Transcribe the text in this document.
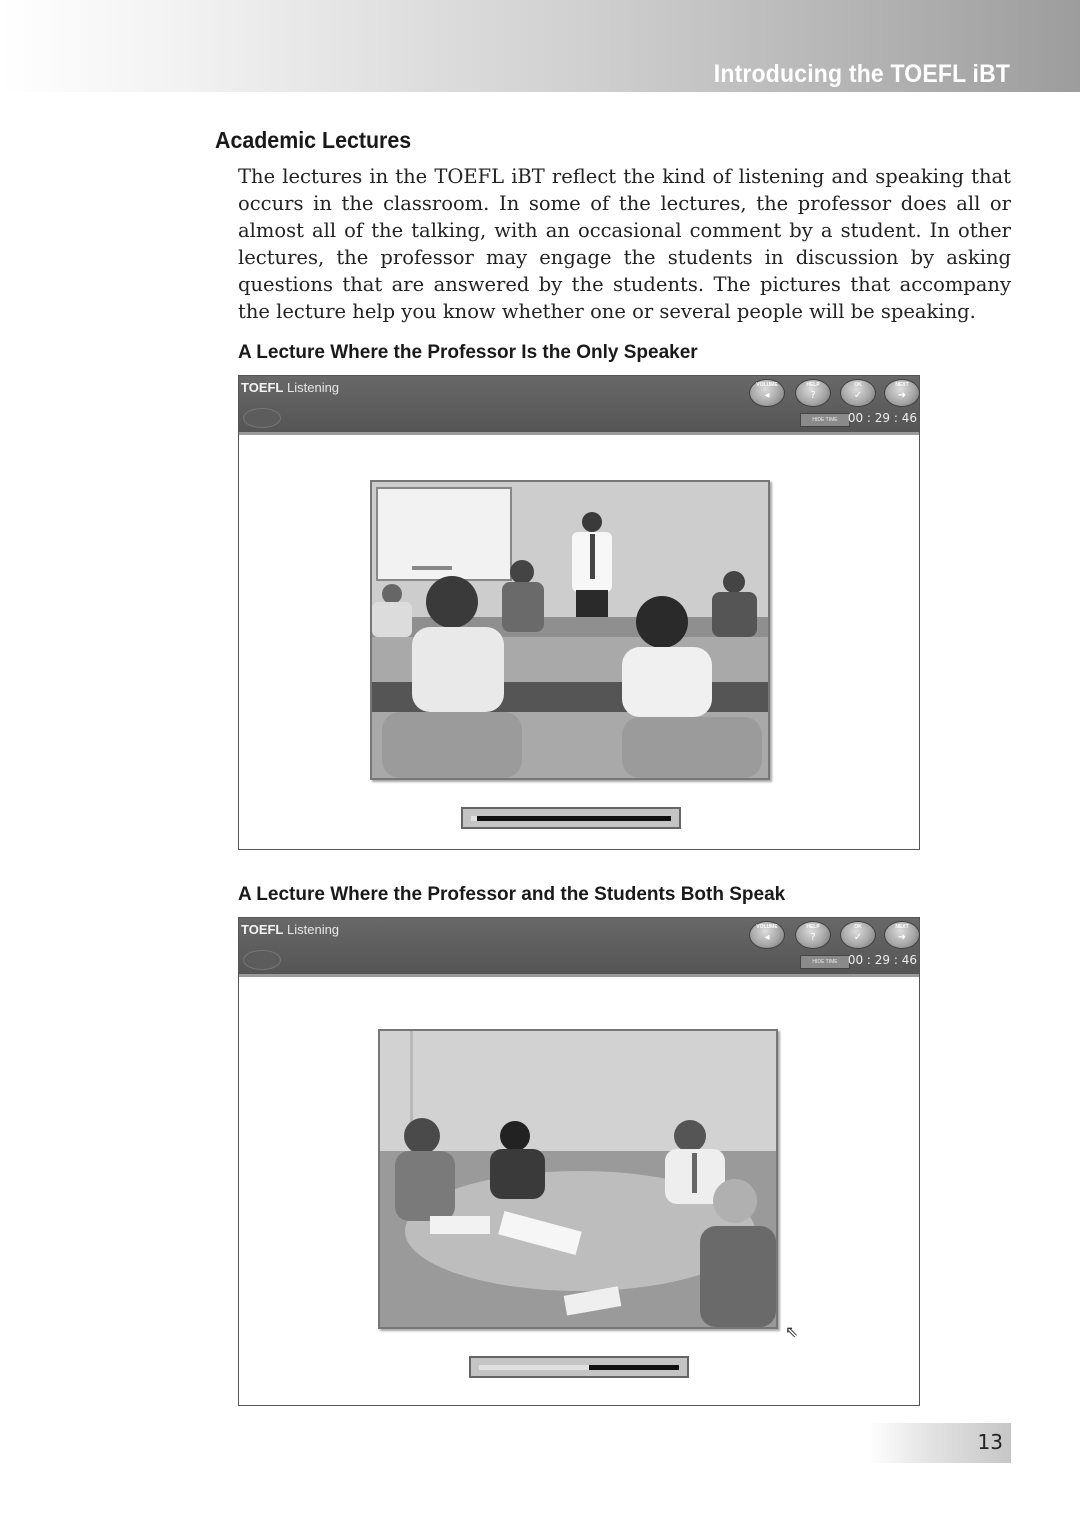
Introducing the TOEFL iBT
Academic Lectures

The lectures in the TOEFL iBT reflect the kind of listening and speaking that occurs in the classroom. In some of the lectures, the professor does all or almost all of the talking, with an occasional comment by a student. In other lectures, the professor may engage the students in discussion by asking questions that are answered by the students. The pictures that accompany the lecture help you know whether one or several people will be speaking.

A Lecture Where the Professor Is the Only Speaker
TOEFL Listening	VOLUME
◂
HELP
?
OK
✓
NEXT
➜
HIDE TIME 00 : 29 : 46
A Lecture Where the Professor and the Students Both Speak
TOEFL Listening	VOLUME
◂
HELP
?
OK
✓
NEXT
➜
HIDE TIME 00 : 29 : 46
⇖
13
